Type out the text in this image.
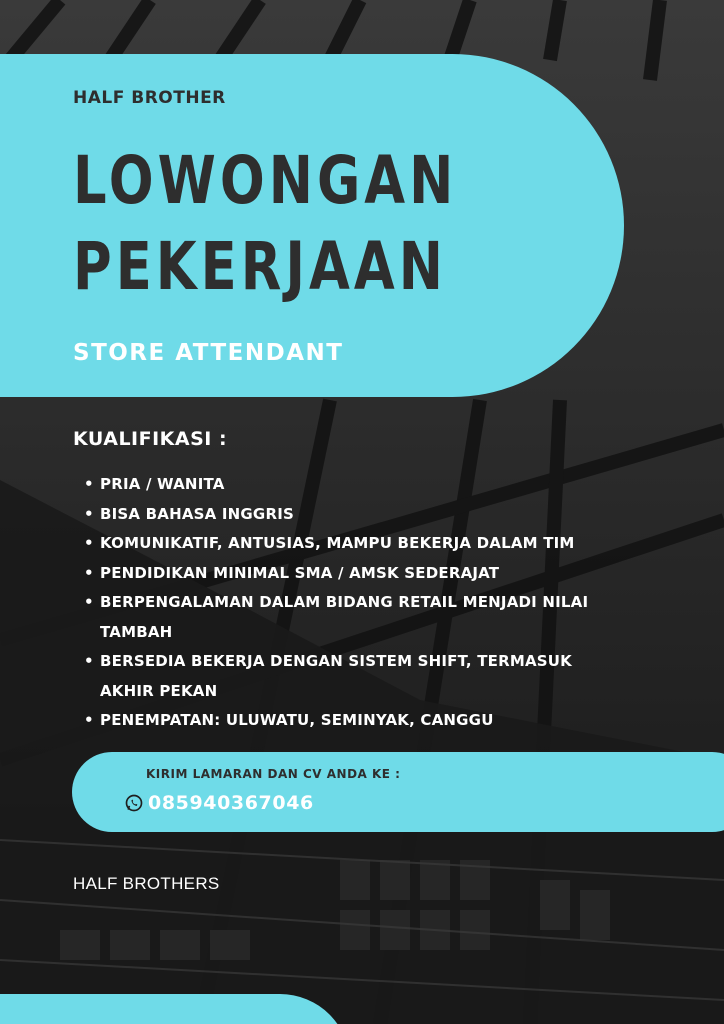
HALF BROTHER
LOWONGAN
PEKERJAAN
STORE ATTENDANT
KUALIFIKASI :
• PRIA / WANITA
• BISA BAHASA INGGRIS
• KOMUNIKATIF, ANTUSIAS, MAMPU BEKERJA DALAM TIM
• PENDIDIKAN MINIMAL SMA / AMSK SEDERAJAT
• BERPENGALAMAN DALAM BIDANG RETAIL MENJADI NILAI
TAMBAH
• BERSEDIA BEKERJA DENGAN SISTEM SHIFT, TERMASUK
AKHIR PEKAN
• PENEMPATAN: ULUWATU, SEMINYAK, CANGGU
KIRIM LAMARAN DAN CV ANDA KE :
085940367046
HALF BROTHERS
